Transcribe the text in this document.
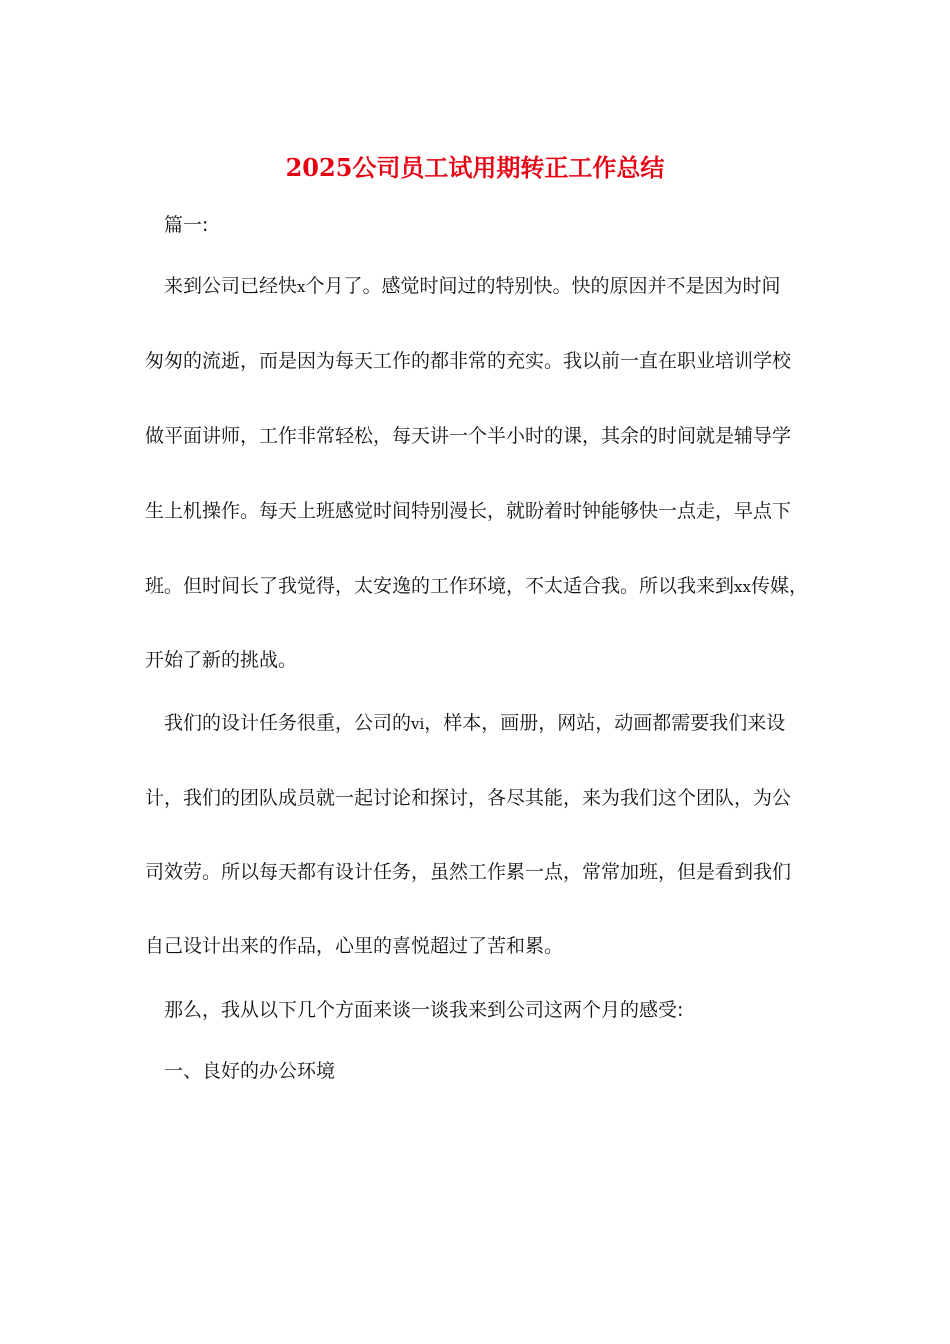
2025公司员工试用期转正工作总结

篇一:

来到公司已经快x个月了。感觉时间过的特别快。快的原因并不是因为时间

匆匆的流逝，而是因为每天工作的都非常的充实。我以前一直在职业培训学校

做平面讲师，工作非常轻松，每天讲一个半小时的课，其余的时间就是辅导学

生上机操作。每天上班感觉时间特别漫长，就盼着时钟能够快一点走，早点下

班。但时间长了我觉得，太安逸的工作环境，不太适合我。所以我来到xx传媒，

开始了新的挑战。

我们的设计任务很重，公司的vi，样本，画册，网站，动画都需要我们来设

计，我们的团队成员就一起讨论和探讨，各尽其能，来为我们这个团队，为公

司效劳。所以每天都有设计任务，虽然工作累一点，常常加班，但是看到我们

自己设计出来的作品，心里的喜悦超过了苦和累。

那么，我从以下几个方面来谈一谈我来到公司这两个月的感受:

一、良好的办公环境
